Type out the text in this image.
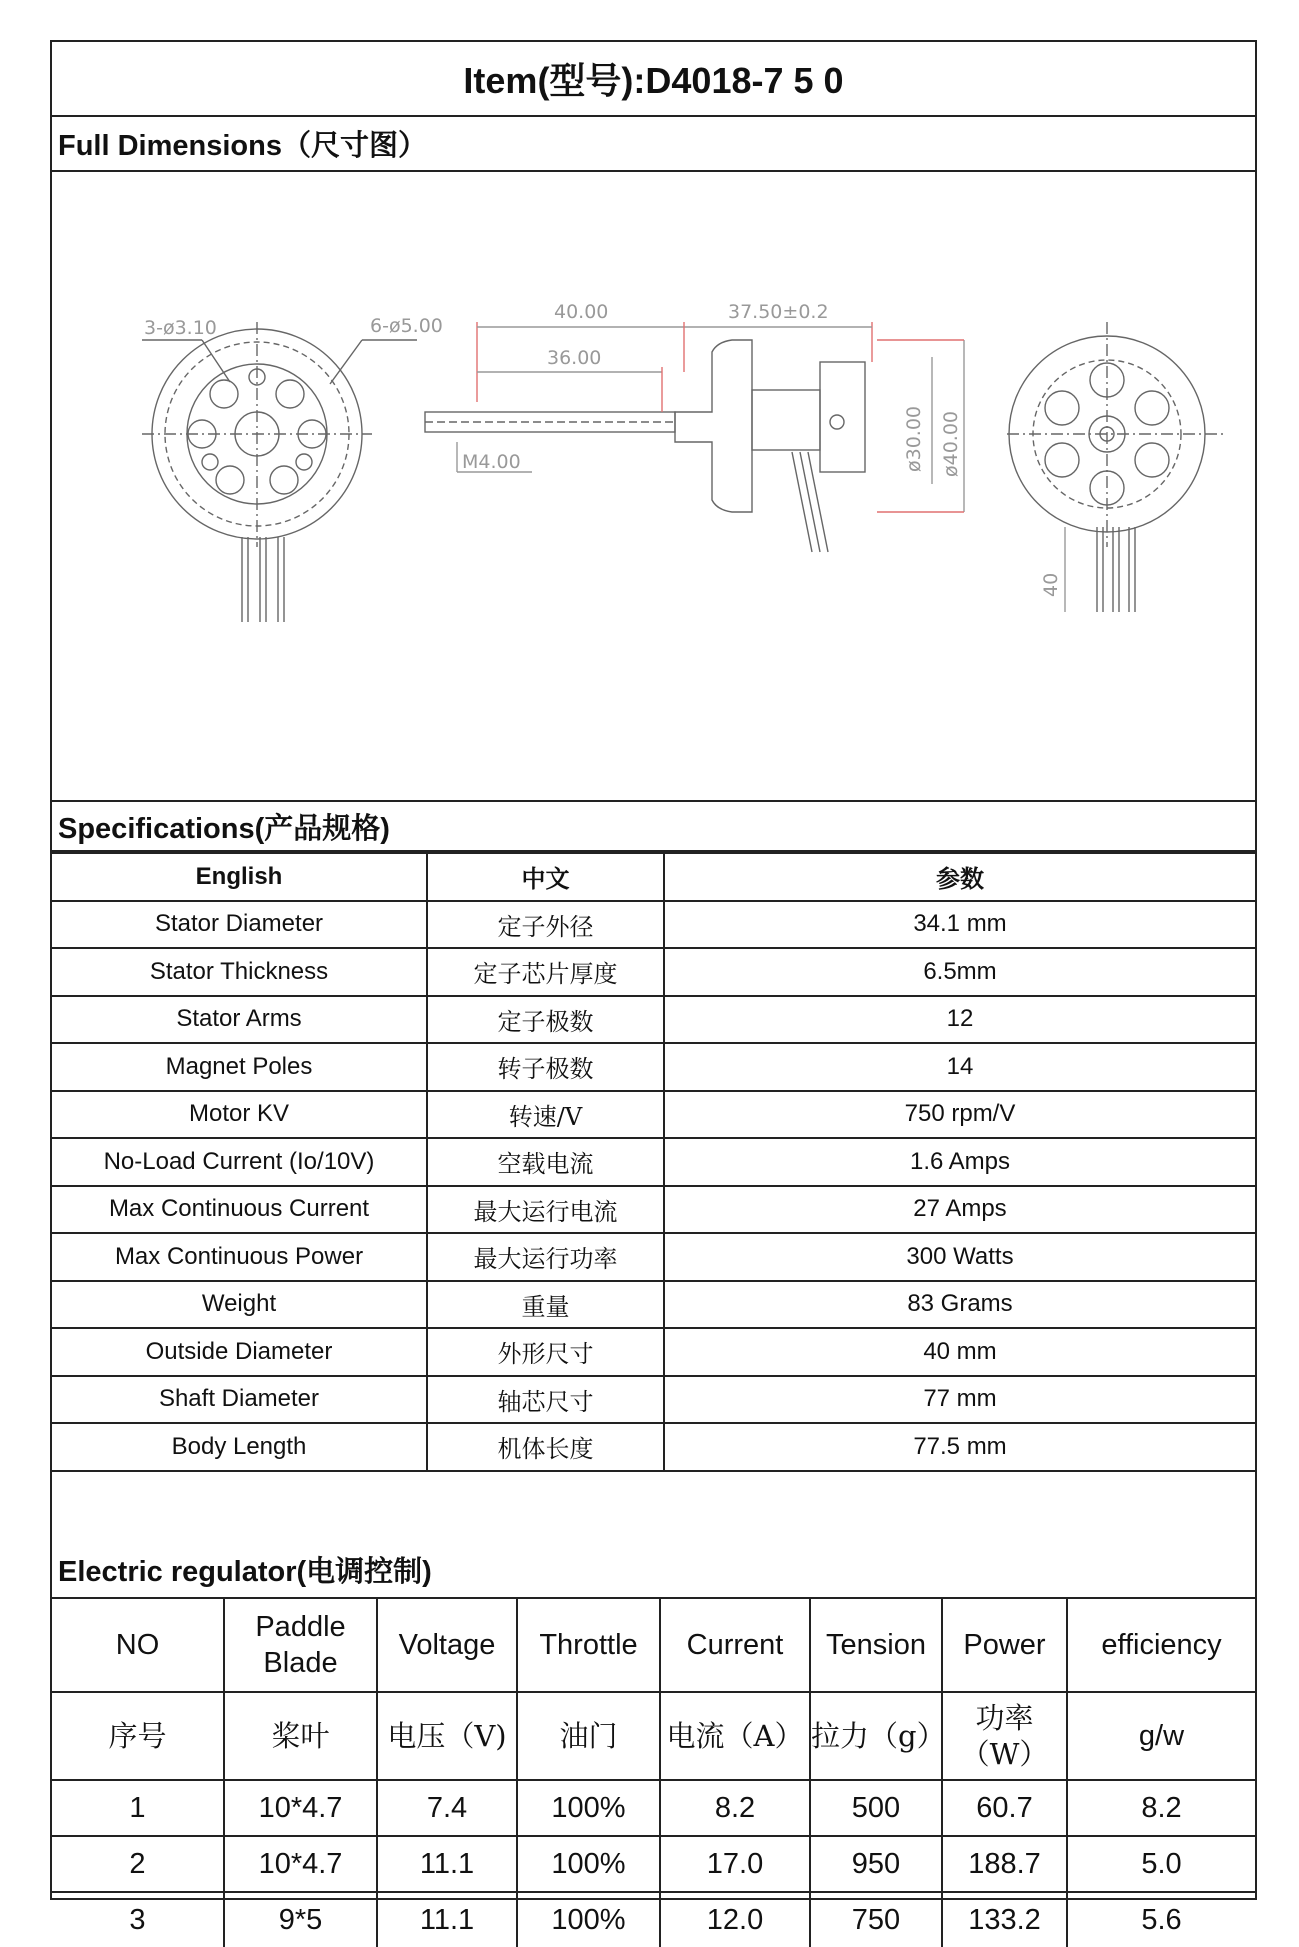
Item(型号):D4018-7 5 0
Full Dimensions（尺寸图）
3-ø3.10	6-ø5.00
40.00	37.50±0.2
36.00
M4.00	ø30.00 ø40.00
40
Specifications(产品规格)
English	中文	参数
Stator Diameter	定子外径	34.1 mm
Stator Thickness	定子芯片厚度	6.5mm
Stator Arms	定子极数	12
Magnet Poles	转子极数	14
Motor KV	转速/V	750 rpm/V
No-Load Current (Io/10V)	空载电流	1.6 Amps
Max Continuous Current	最大运行电流	27 Amps
Max Continuous Power	最大运行功率	300 Watts
Weight	重量	83 Grams
Outside Diameter	外形尺寸	40 mm
Shaft Diameter	轴芯尺寸	77 mm
Body Length	机体长度	77.5 mm
Electric regulator(电调控制)
NO	Paddle Blade	Voltage	Throttle	Current	Tension	Power	efficiency
序号	桨叶	电压（V)	油门	电流（A）	拉力（g）	功率（W）	g/w
1	10*4.7	7.4	100%	8.2	500	60.7	8.2
2	10*4.7	11.1	100%	17.0	950	188.7	5.0
3	9*5	11.1	100%	12.0	750	133.2	5.6
